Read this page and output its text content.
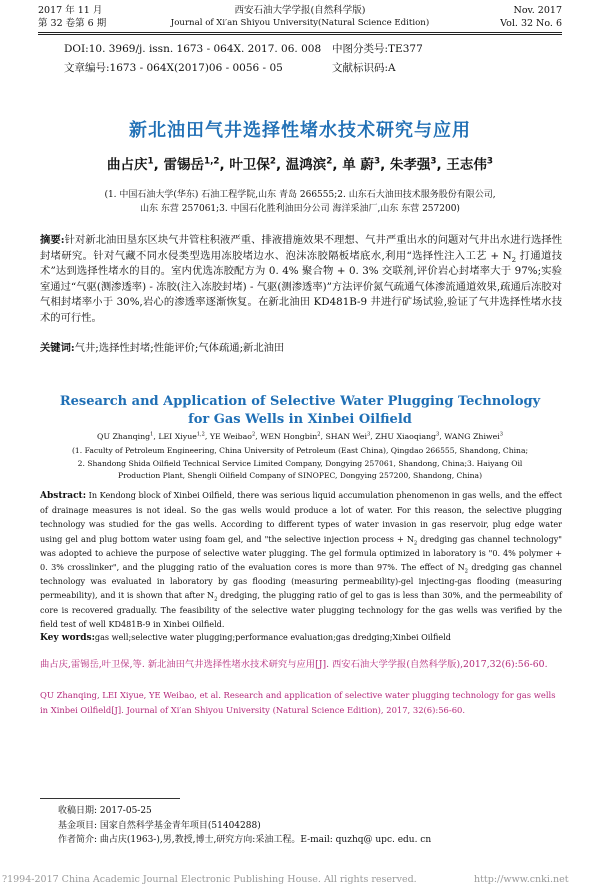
2017 年 11 月
第 32 卷第 6 期
西安石油大学学报(自然科学版)
Journal of Xi′an Shiyou University(Natural Science Edition)
Nov. 2017
Vol. 32 No. 6
DOI:10. 3969/j. issn. 1673 - 064X. 2017. 06. 008 中图分类号:TE377
文章编号:1673 - 064X(2017)06 - 0056 - 05	文献标识码:A
新北油田气井选择性堵水技术研究与应用
曲占庆$^1$, 雷锡岳$^{1,2}$, 叶卫保$^2$, 温鸿滨$^2$, 单 蔚$^3$, 朱孝强$^3$, 王志伟$^3$
(1. 中国石油大学(华东) 石油工程学院,山东 青岛 266555;2. 山东石大油田技术服务股份有限公司,
山东 东营 257061;3. 中国石化胜利油田分公司 海洋采油厂,山东 东营 257200)
摘要:针对新北油田垦东区块气井管柱积液严重、排液措施效果不理想、气井严重出水的问题对气井出水进行选择性封堵研究。针对气藏不同水侵类型选用冻胶堵边水、泡沫冻胶隔板堵底水,利用“选择性注入工艺 + $N_2$ 打通道技术”达到选择性堵水的目的。室内优选冻胶配方为 0. 4% 聚合物 + 0. 3% 交联剂,评价岩心封堵率大于 97%;实验室通过“气驱(测渗透率) - 冻胶(注入冻胶封堵) - 气驱(测渗透率)”方法评价氮气疏通气体渗流通道效果,疏通后冻胶对气相封堵率小于 30%,岩心的渗透率逐渐恢复。在新北油田 KD481B-9 井进行矿场试验,验证了气井选择性堵水技术的可行性。
关键词:气井;选择性封堵;性能评价;气体疏通;新北油田
Research and Application of Selective Water Plugging Technology
for Gas Wells in Xinbei Oilfield
QU Zhanqing$^1$, LEI Xiyue$^{1,2}$, YE Weibao$^2$, WEN Hongbin$^2$, SHAN Wei$^3$, ZHU Xiaoqiang$^3$, WANG Zhiwei$^3$
(1. Faculty of Petroleum Engineering, China University of Petroleum (East China), Qingdao 266555, Shandong, China;
2. Shandong Shida Oilfield Technical Service Limited Company, Dongying 257061, Shandong, China;3. Haiyang Oil
Production Plant, Shengli Oilfield Company of SINOPEC, Dongying 257200, Shandong, China)
Abstract: In Kendong block of Xinbei Oilfield, there was serious liquid accumulation phenomenon in gas wells, and the effect of drainage measures is not ideal. So the gas wells would produce a lot of water. For this reason, the selective plugging technology was studied for the gas wells. According to different types of water invasion in gas reservoir, plug edge water using gel and plug bottom water using foam gel, and "the selective injection process + $N_2$ dredging gas channel technology" was adopted to achieve the purpose of selective water plugging. The gel formula optimized in laboratory is "0. 4% polymer + 0. 3% crosslinker", and the plugging ratio of the evaluation cores is more than 97%. The effect of $N_2$ dredging gas channel technology was evaluated in laboratory by gas flooding (measuring permeability)-gel injecting-gas flooding (measuring permeability), and it is shown that after $N_2$ dredging, the plugging ratio of gel to gas is less than 30%, and the permeability of core is recovered gradually. The feasibility of the selective water plugging technology for the gas wells was verified by the field test of well KD481B-9 in Xinbei Oilfield.
Key words:gas well;selective water plugging;performance evaluation;gas dredging;Xinbei Oilfield
曲占庆,雷锡岳,叶卫保,等. 新北油田气井选择性堵水技术研究与应用[J]. 西安石油大学学报(自然科学版),2017,32(6):56-60.
QU Zhanqing, LEI Xiyue, YE Weibao, et al. Research and application of selective water plugging technology for gas wells in Xinbei Oilfield[J]. Journal of Xi′an Shiyou University (Natural Science Edition), 2017, 32(6):56-60.
收稿日期: 2017-05-25
基金项目: 国家自然科学基金青年项目(51404288)
作者简介: 曲占庆(1963-),男,教授,博士,研究方向:采油工程。E-mail: quzhq@ upc. edu. cn
?1994-2017 China Academic Journal Electronic Publishing House. All rights reserved.	http://www.cnki.net
